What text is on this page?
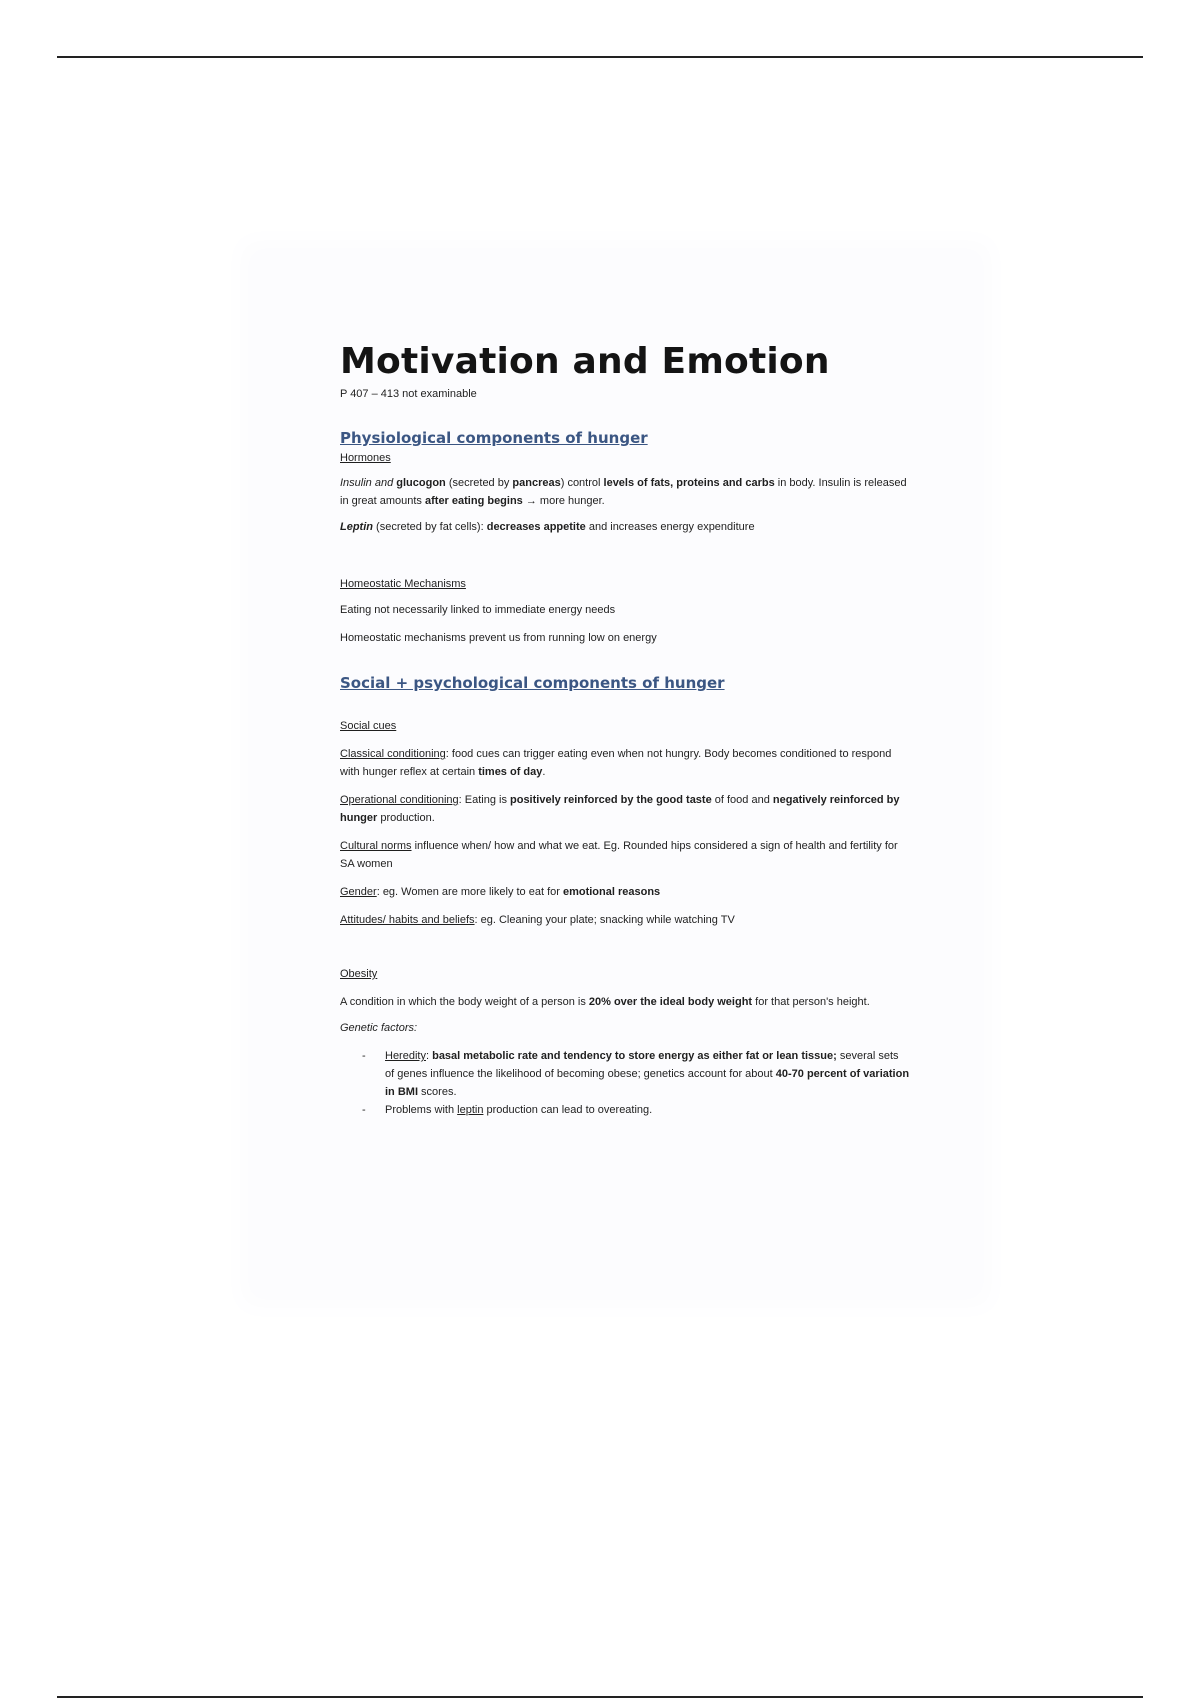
Motivation and Emotion

P 407 – 413 not examinable

Physiological components of hunger
Hormones

Insulin and glucogon (secreted by pancreas) control levels of fats, proteins and carbs in body. Insulin is released in great amounts after eating begins → more hunger.

Leptin (secreted by fat cells): decreases appetite and increases energy expenditure

Homeostatic Mechanisms

Eating not necessarily linked to immediate energy needs

Homeostatic mechanisms prevent us from running low on energy

Social + psychological components of hunger
Social cues

Classical conditioning: food cues can trigger eating even when not hungry. Body becomes conditioned to respond with hunger reflex at certain times of day.

Operational conditioning: Eating is positively reinforced by the good taste of food and negatively reinforced by hunger production.

Cultural norms influence when/ how and what we eat. Eg. Rounded hips considered a sign of health and fertility for SA women

Gender: eg. Women are more likely to eat for emotional reasons

Attitudes/ habits and beliefs: eg. Cleaning your plate; snacking while watching TV

Obesity

A condition in which the body weight of a person is 20% over the ideal body weight for that person's height.

Genetic factors:

- Heredity: basal metabolic rate and tendency to store energy as either fat or lean tissue; several sets of genes influence the likelihood of becoming obese; genetics account for about 40-70 percent of variation in BMI scores.
- Problems with leptin production can lead to overeating.
